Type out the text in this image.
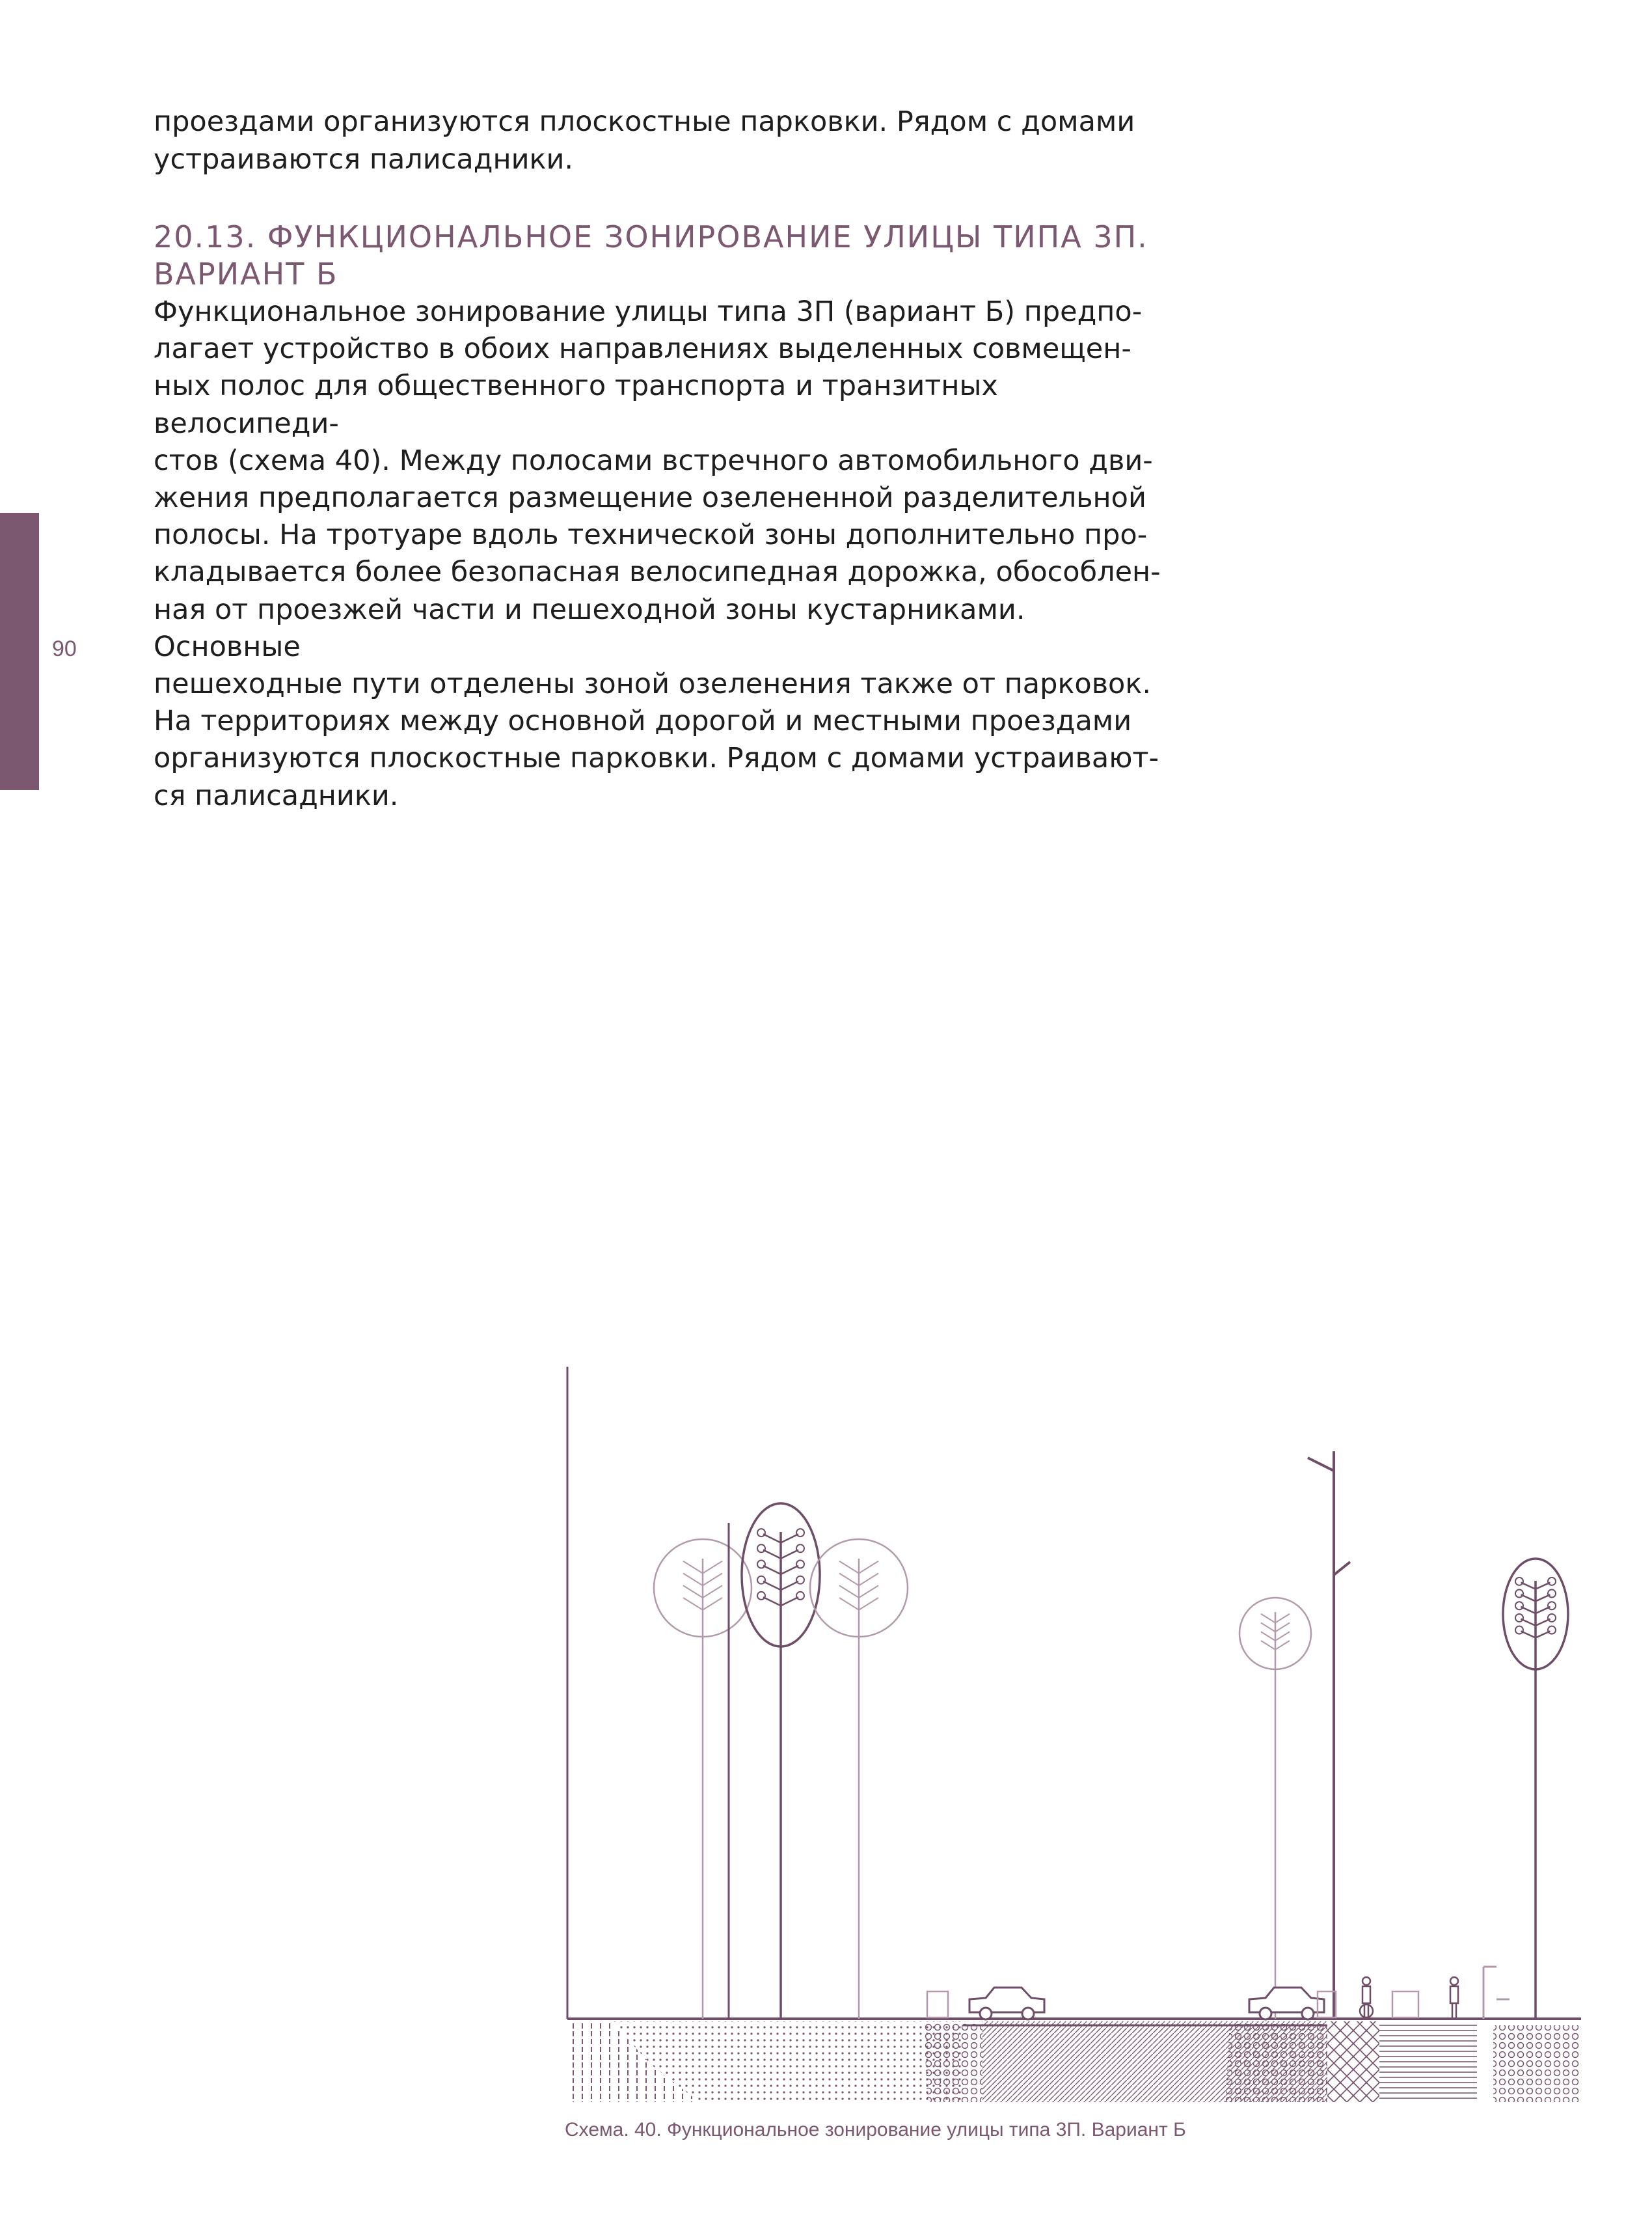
90
проездами организуются плоскостные парковки. Рядом с домами
устраиваются палисадники.
20.13. ФУНКЦИОНАЛЬНОЕ ЗОНИРОВАНИЕ УЛИЦЫ ТИПА 3П.
ВАРИАНТ Б
Функциональное зонирование улицы типа 3П (вариант Б) предпо-
лагает устройство в обоих направлениях выделенных совмещен-
ных полос для общественного транспорта и транзитных велосипеди-
стов (схема 40). Между полосами встречного автомобильного дви-
жения предполагается размещение озелененной разделительной
полосы. На тротуаре вдоль технической зоны дополнительно про-
кладывается более безопасная велосипедная дорожка, обособлен-
ная от проезжей части и пешеходной зоны кустарниками. Основные
пешеходные пути отделены зоной озеленения также от парковок.
На территориях между основной дорогой и местными проездами
организуются плоскостные парковки. Рядом с домами устраивают-
ся палисадники.
Схема. 40. Функциональное зонирование улицы типа 3П. Вариант Б
